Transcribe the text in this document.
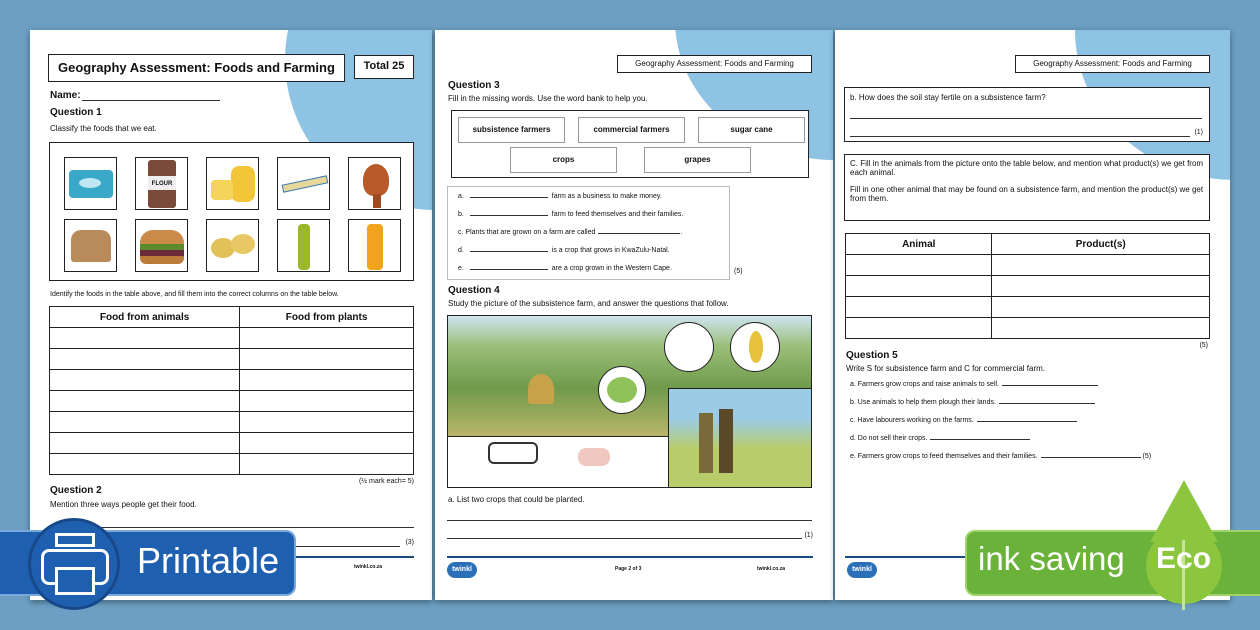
Geography Assessment: Foods and Farming	Total 25
Name:
Question 1
Classify the foods that we eat.
FLOUR
Identify the foods in the table above, and fill them into the correct columns on the table below.
Food from animals	Food from plants

(½ mark each= 5)
Question 2
Mention three ways people get their food.
(3)
twinkl.co.za
Geography Assessment: Foods and Farming
Question 3
Fill in the missing words. Use the word bank to help you.
subsistence farmers	commercial farmers	sugar cane
crops	grapes
a.	farm as a business to make money.
b.	farm to feed themselves and their families.
c. Plants that are grown on a farm are called	.
d.	is a crop that grows in KwaZulu-Natal.
e.	are a crop grown in the Western Cape.	(5)
Question 4
Study the picture of the subsistence farm, and answer the questions that follow.
a. List two crops that could be planted.
(1)
twinkl	Page 2 of 3	twinkl.co.za
Geography Assessment: Foods and Farming
b. How does the soil stay fertile on a subsistence farm?
(1)
C. Fill in the animals from the picture onto the table below, and mention what product(s) we get from each animal.
Fill in one other animal that may be found on a subsistence farm, and mention the product(s) we get from them.
Animal	Product(s)

(5)
Question 5
Write S for subsistence farm and C for commercial farm.
a. Farmers grow crops and raise animals to sell.
b. Use animals to help them plough their lands.
c. Have labourers working on the farms.
d. Do not sell their crops.
e. Farmers grow crops to feed themselves and their families.	(5)
twinkl
Printable	ink saving Eco
